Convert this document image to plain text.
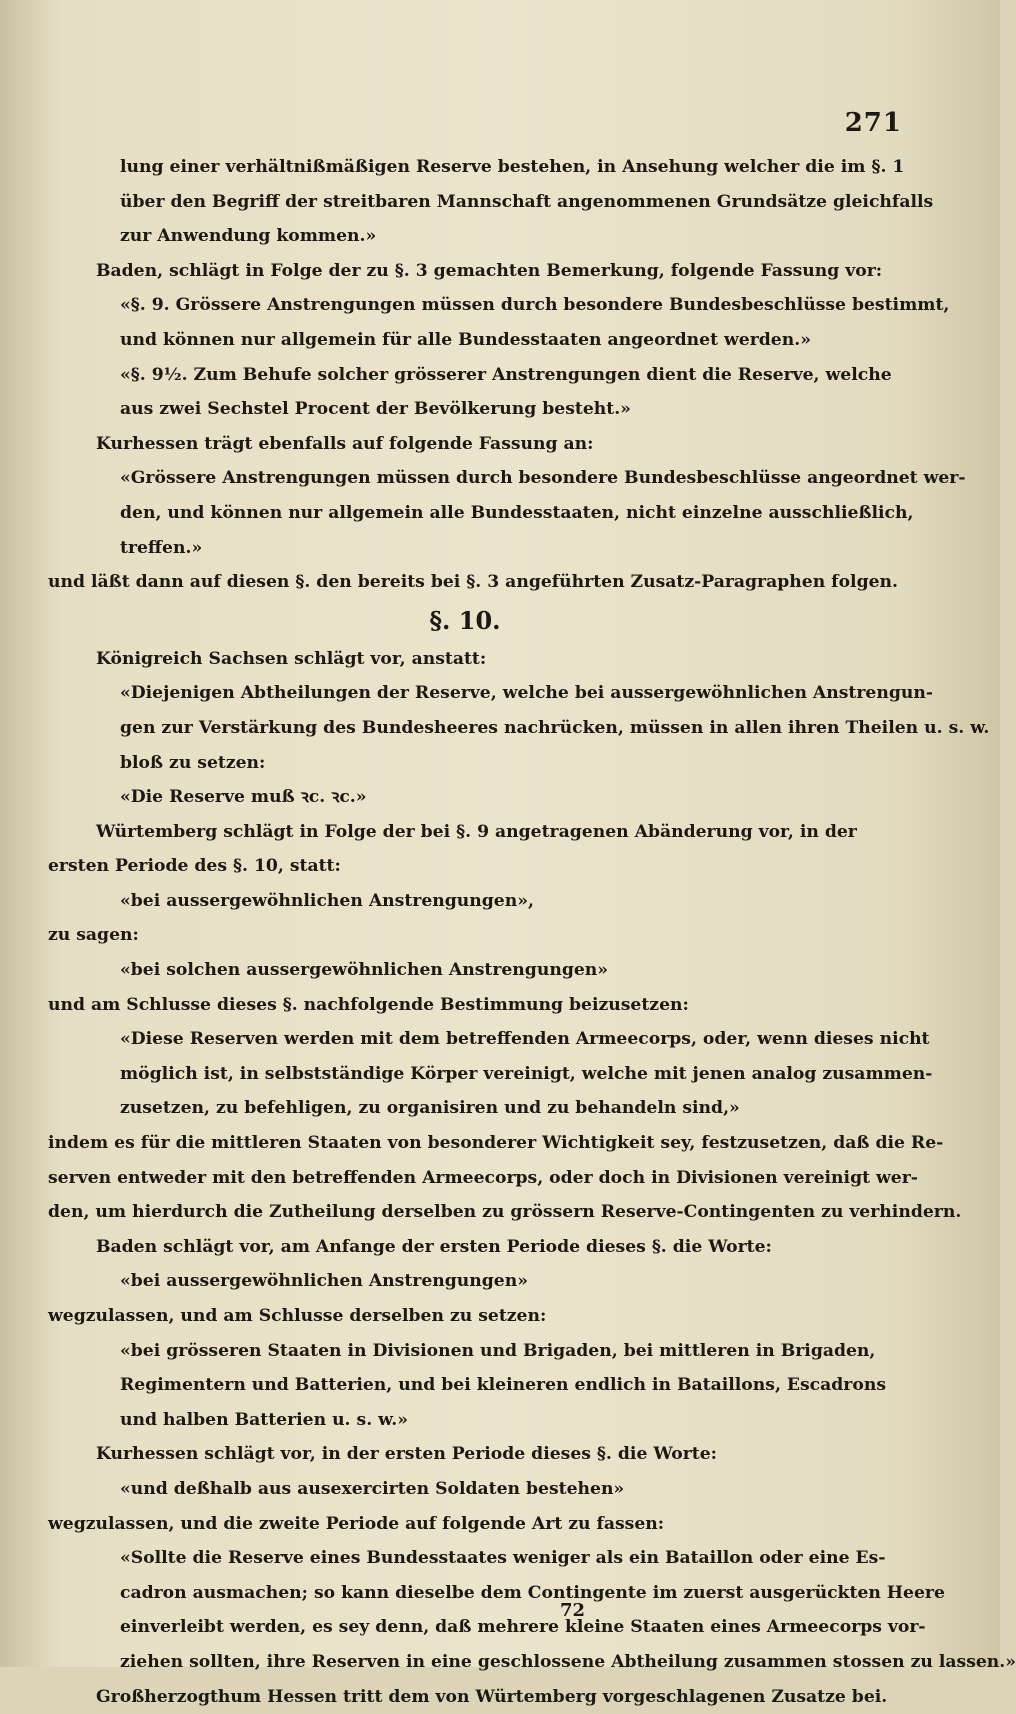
271
lung einer verhältnißmäßigen Reserve bestehen, in Ansehung welcher die im §. 1
über den Begriff der streitbaren Mannschaft angenommenen Grundsätze gleichfalls
zur Anwendung kommen.»
Baden, schlägt in Folge der zu §. 3 gemachten Bemerkung, folgende Fassung vor:
«§. 9. Grössere Anstrengungen müssen durch besondere Bundesbeschlüsse bestimmt,
und können nur allgemein für alle Bundesstaaten angeordnet werden.»
«§. 9½. Zum Behufe solcher grösserer Anstrengungen dient die Reserve, welche
aus zwei Sechstel Procent der Bevölkerung besteht.»
Kurhessen trägt ebenfalls auf folgende Fassung an:
«Grössere Anstrengungen müssen durch besondere Bundesbeschlüsse angeordnet wer-
den, und können nur allgemein alle Bundesstaaten, nicht einzelne ausschließlich,
treffen.»
und läßt dann auf diesen §. den bereits bei §. 3 angeführten Zusatz-Paragraphen folgen.
§. 10.
Königreich Sachsen schlägt vor, anstatt:
«Diejenigen Abtheilungen der Reserve, welche bei aussergewöhnlichen Anstrengun-
gen zur Verstärkung des Bundesheeres nachrücken, müssen in allen ihren Theilen u. s. w.
bloß zu setzen:
«Die Reserve muß ꝛc. ꝛc.»
Würtemberg schlägt in Folge der bei §. 9 angetragenen Abänderung vor, in der
ersten Periode des §. 10, statt:
«bei aussergewöhnlichen Anstrengungen»,
zu sagen:
«bei solchen aussergewöhnlichen Anstrengungen»
und am Schlusse dieses §. nachfolgende Bestimmung beizusetzen:
«Diese Reserven werden mit dem betreffenden Armeecorps, oder, wenn dieses nicht
möglich ist, in selbstständige Körper vereinigt, welche mit jenen analog zusammen-
zusetzen, zu befehligen, zu organisiren und zu behandeln sind,»
indem es für die mittleren Staaten von besonderer Wichtigkeit sey, festzusetzen, daß die Re-
serven entweder mit den betreffenden Armeecorps, oder doch in Divisionen vereinigt wer-
den, um hierdurch die Zutheilung derselben zu grössern Reserve-Contingenten zu verhindern.
Baden schlägt vor, am Anfange der ersten Periode dieses §. die Worte:
«bei aussergewöhnlichen Anstrengungen»
wegzulassen, und am Schlusse derselben zu setzen:
«bei grösseren Staaten in Divisionen und Brigaden, bei mittleren in Brigaden,
Regimentern und Batterien, und bei kleineren endlich in Bataillons, Escadrons
und halben Batterien u. s. w.»
Kurhessen schlägt vor, in der ersten Periode dieses §. die Worte:
«und deßhalb aus ausexercirten Soldaten bestehen»
wegzulassen, und die zweite Periode auf folgende Art zu fassen:
«Sollte die Reserve eines Bundesstaates weniger als ein Bataillon oder eine Es-
cadron ausmachen; so kann dieselbe dem Contingente im zuerst ausgerückten Heere
einverleibt werden, es sey denn, daß mehrere kleine Staaten eines Armeecorps vor-
ziehen sollten, ihre Reserven in eine geschlossene Abtheilung zusammen stossen zu lassen.»
Großherzogthum Hessen tritt dem von Würtemberg vorgeschlagenen Zusatze bei.
72
